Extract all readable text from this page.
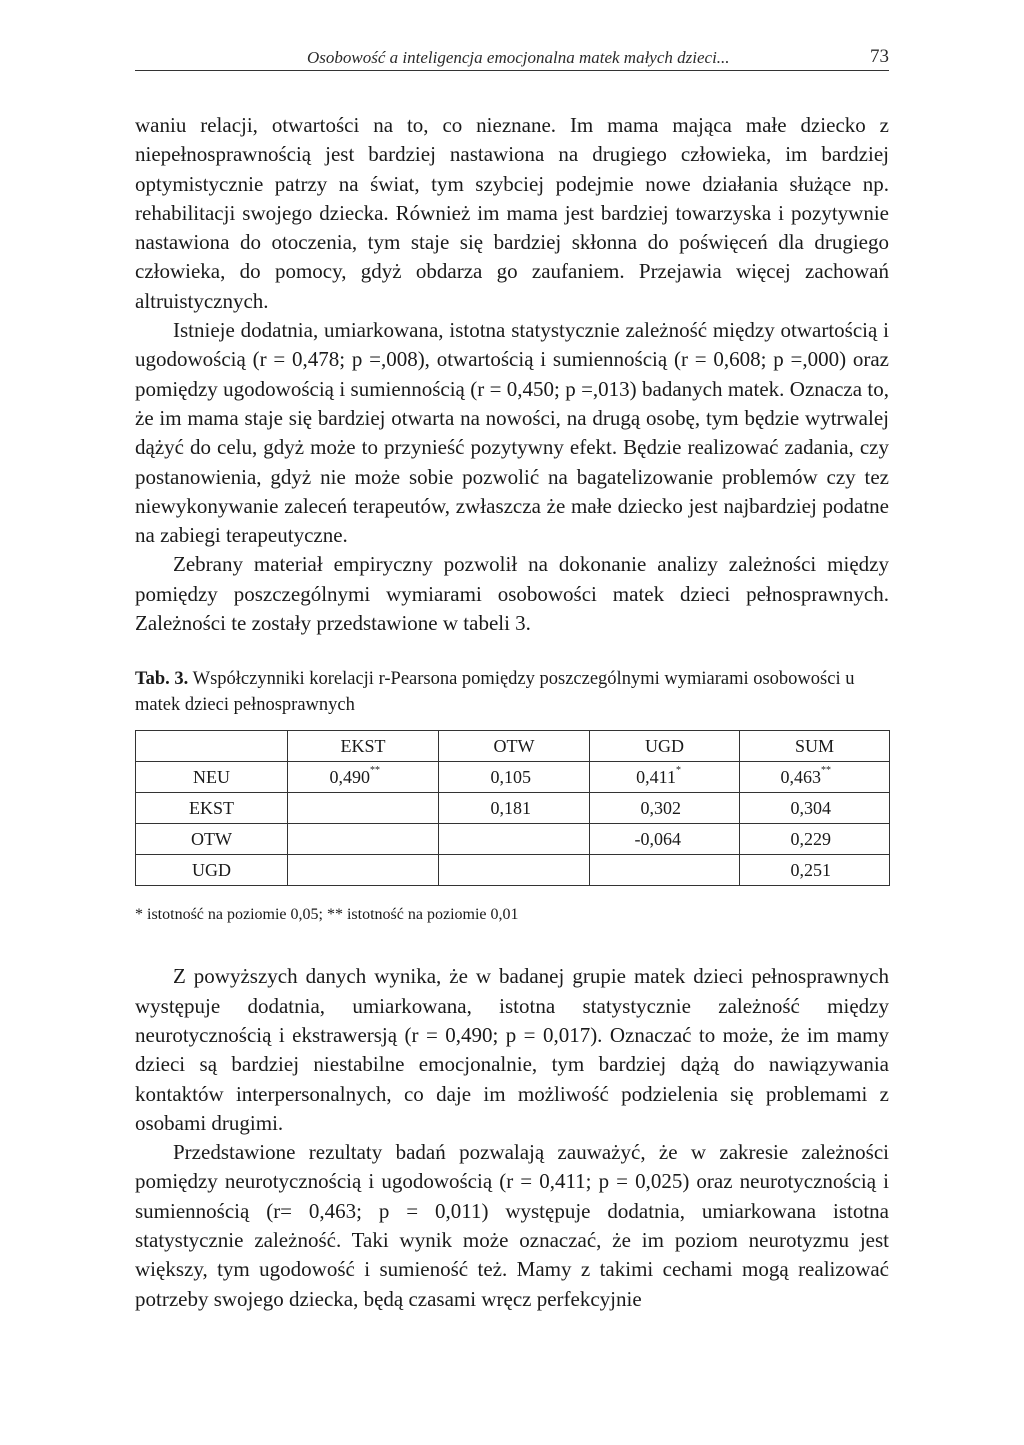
Osobowość a inteligencja emocjonalna matek małych dzieci...	73

waniu relacji, otwartości na to, co nieznane. Im mama mająca małe dziecko z niepełnosprawnością jest bardziej nastawiona na drugiego człowieka, im bardziej optymistycznie patrzy na świat, tym szybciej podejmie nowe działania służące np. rehabilitacji swojego dziecka. Również im mama jest bardziej towarzyska i pozytywnie nastawiona do otoczenia, tym staje się bardziej skłonna do poświęceń dla drugiego człowieka, do pomocy, gdyż obdarza go zaufaniem. Przejawia więcej zachowań altruistycznych.

Istnieje dodatnia, umiarkowana, istotna statystycznie zależność między otwartością i ugodowością (r = 0,478; p =,008), otwartością i sumiennością (r = 0,608; p =,000) oraz pomiędzy ugodowością i sumiennością (r = 0,450; p =,013) badanych matek. Oznacza to, że im mama staje się bardziej otwarta na nowości, na drugą osobę, tym będzie wytrwalej dążyć do celu, gdyż może to przynieść pozytywny efekt. Będzie realizować zadania, czy postanowienia, gdyż nie może sobie pozwolić na bagatelizowanie problemów czy tez niewykonywanie zaleceń terapeutów, zwłaszcza że małe dziecko jest najbardziej podatne na zabiegi terapeutyczne.

Zebrany materiał empiryczny pozwolił na dokonanie analizy zależności między pomiędzy poszczególnymi wymiarami osobowości matek dzieci pełnosprawnych. Zależności te zostały przedstawione w tabeli 3.

Tab. 3. Współczynniki korelacji r-Pearsona pomiędzy poszczególnymi wymiarami osobowości u matek dzieci pełnosprawnych
	EKST	OTW	UGD	SUM
NEU	0,490**	0,105	0,411*	0,463**
EKST		0,181	0,302	0,304
OTW			-0,064	0,229
UGD				0,251
* istotność na poziomie 0,05; ** istotność na poziomie 0,01

Z powyższych danych wynika, że w badanej grupie matek dzieci pełnosprawnych występuje dodatnia, umiarkowana, istotna statystycznie zależność między neurotycznością i ekstrawersją (r = 0,490; p = 0,017). Oznaczać to może, że im mamy dzieci są bardziej niestabilne emocjonalnie, tym bardziej dążą do nawiązywania kontaktów interpersonalnych, co daje im możliwość podzielenia się problemami z osobami drugimi.

Przedstawione rezultaty badań pozwalają zauważyć, że w zakresie zależności pomiędzy neurotycznością i ugodowością (r = 0,411; p = 0,025) oraz neurotycznością i sumiennością (r= 0,463; p = 0,011) występuje dodatnia, umiarkowana istotna statystycznie zależność. Taki wynik może oznaczać, że im poziom neurotyzmu jest większy, tym ugodowość i sumieność też. Mamy z takimi cechami mogą realizować potrzeby swojego dziecka, będą czasami wręcz perfekcyjnie
